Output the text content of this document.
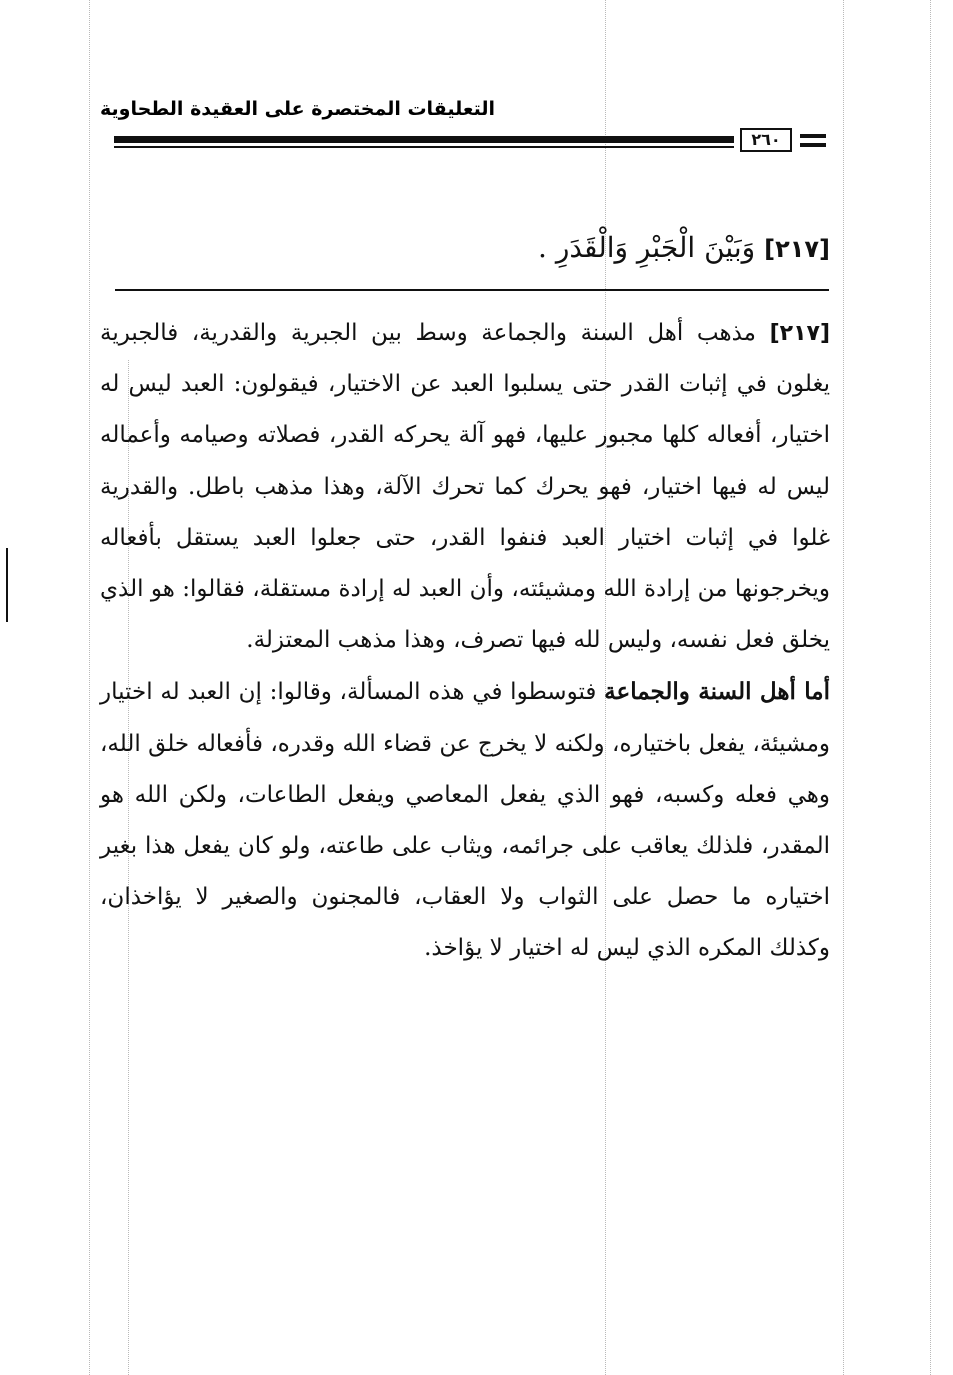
التعليقات المختصرة على العقيدة الطحاوية
٢٦٠
[٢١٧] وَبَيْنَ الْجَبْرِ وَالْقَدَرِ .

[٢١٧] مذهب أهل السنة والجماعة وسط بين الجبرية والقدرية، فالجبرية يغلون في إثبات القدر حتى يسلبوا العبد عن الاختيار، فيقولون: العبد ليس له اختيار، أفعاله كلها مجبور عليها، فهو آلة يحركه القدر، فصلاته وصيامه وأعماله ليس له فيها اختيار، فهو يحرك كما تحرك الآلة، وهذا مذهب باطل. والقدرية غلوا في إثبات اختيار العبد فنفوا القدر، حتى جعلوا العبد يستقل بأفعاله ويخرجونها من إرادة الله ومشيئته، وأن العبد له إرادة مستقلة، فقالوا: هو الذي يخلق فعل نفسه، وليس لله فيها تصرف، وهذا مذهب المعتزلة.

أما أهل السنة والجماعة فتوسطوا في هذه المسألة، وقالوا: إن العبد له اختيار ومشيئة، يفعل باختياره، ولكنه لا يخرج عن قضاء الله وقدره، فأفعاله خلق الله، وهي فعله وكسبه، فهو الذي يفعل المعاصي ويفعل الطاعات، ولكن الله هو المقدر، فلذلك يعاقب على جرائمه، ويثاب على طاعته، ولو كان يفعل هذا بغير اختياره ما حصل على الثواب ولا العقاب، فالمجنون والصغير لا يؤاخذان، وكذلك المكره الذي ليس له اختيار لا يؤاخذ.
